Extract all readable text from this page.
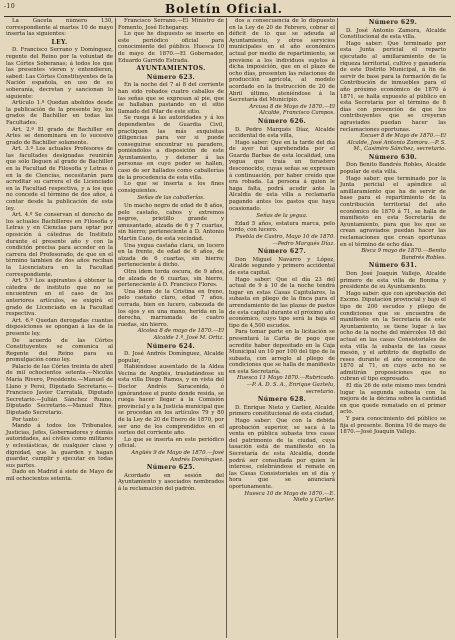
-10	Boletín Oficial.

La Gaceta número 130, correspondiente al martes 10 de mayo inserta las siguientes:

LEY.

D. Francisco Serrano y Domínguez, regente del Reino por la voluntad de las Córtes Soberanas; á todos los que las presentes vieren y entendieren, sabed: Las Córtes Constituyentes de la Nación española, en uso de su soberanía, decretan y sancionan lo siguiente:

Artículo 1.º Quedan abolidos desde la publicación de la presente ley, los grados de Bachiller en todas las Facultades.

Art. 2.º El grado de Bachiller en Artes se denominará en lo sucesivo grado de Bachiller solamente.

Art. 3.º Los actuales Profesores de las facultades designadas reunirán que sólo lleguen al grado de Bachiller en la Facultad de Filosofía y Letras ó en la de Ciencias, necesitarán para acreditar su carrera el de Licenciado en la Facultad respectiva, y a los que no concede el término de dos años, á contar desde la publicación de esta ley.

Art. 4.º Se conservan el derecho de los actuales Bachilleres en Filosofía y Letras y en Ciencias para optar por oposición á cátedras de Instituto durante el presente año y con la condición precisa para acceder en la carrera del Profesorado, de que en el término tambien de dos años reciban la Licenciatura en la Facultad correspondiente.

Art. 5.º Los aspirantes á obtener la cátedra de instituto que no se encuentren en el caso de los anteriores artículos, se exigirá el grado de Licenciado en la Facultad respectiva.

Art. 6.º Quedan derogadas cuantas disposiciones se opongan á las de la presente ley.

De acuerdo de las Córtes Constituyentes se comunica al Regente del Reino para su promulgación como ley.

Palacio de las Córtes treinta de abril de mil ochocientos setenta.—Nicolás María Rivero, Presidente.—Manuel de Llano y Persi, Diputado Secretario.—Francisco Javier Carratalá, Diputado Secretario.—Julián Sánchez Ruano, Diputado Secretario.—Manuel Rius, Diputado Secretario.

Por tanto:

Mando á todos los Tribunales, Justicias, Jefes, Gobernadores y demás autoridades, así civiles como militares y eclesiásticas, de cualquier clase y dignidad, que la guarden y hagan guardar, cumplir y ejecutar en todas sus partes.

Dado en Madrid á siete de Mayo de mil ochocientos setenta.

Francisco Serrano.—El Ministro de Fomento, José Echegaray.

Lo que he dispuesto se inserte en este periódico oficial para conocimiento del público. Huesca 10 de mayo de 1870.—El Gobernador, Eduardo Garrido Estrada.

AYUNTAMIENTOS.
Número 623.

En la noche del 7 al 8 del corriente han sido robados cuatro caballos de las señas que se expresan al pie, que se hallaban pastando en el sitio llamado del Pilar de este sitio.

Se ruega á las autoridades y á los dependientes de Guardia Civil, practiquen las más exquisitas diligencias para ver si puede conseguirse encontrar su paradero, poniéndolos a disposición de este Ayuntamiento, y detener á las personas en cuyo poder se hallen, caso de ser hallados como caballerías de la procedencia de esta villa.

Lo que se inserta a los fines consiguientes.

Señas de las caballerías.

Un macho negro de edad de 8 años, pelo castaño, cabos y extremos negros, prietillo grande y amusantado, alzada de 6 y 7 cuartas, sin hierro; perteneciente á D. Antonio Martín Cano, de esta vecindad.

Una yegua castaña clara, un lucero en la frente, de edad de 6 años, de alzada de 6 cuartas, sin hierro; perteneciente á dicho.

Otra idem torda oscura, de 9 años, de alzada de 6 cuartas, sin hierro, perteneciente á D. Francisco Flores.

Una idem de la Cristina en freno, pelo castaño claro, edad 7 años, cerrada, bien en lucero, cabezada de los ojos y en una mano, herida en la derecha, marramada de cuatro ruedas, sin hierro.

Alcolea 8 de mayo de 1870.—El Alcalde 1.º, José M. Ortiz.

Número 624.

D. José Andrés Domínguez, Alcalde popular,

Habiéndose ausentado de la Aldea Vecina de Angüés, trasladándose su esta villa Diego Ramos, y en vista del Doctor Andrés Saracenida, ó ignórandose el punto donde resida, se ruega hacer llegar á la Comisión provincial y a la Justicia municipal que se procedan en los artículos 79 y 80 de la Ley de 20 de Enero de 1870, por ser uno de los comprendidos en el sorteo del corriente año.

Lo que se inserta en este periódico oficial.

Angüés 9 de Mayo de 1870.—José Andrés Domínguez.

Número 625.

Acordado en sesión del Ayuntamiento y asociados nombrados á la reclamación del padrón.

dos a consecuencia de lo dispuesto en la Ley de 20 de Febrero, cobrar el déficit de lo que se adeuda al Ayuntamiento, y otros servicios municipales en el año económico actual por medio de repartimiento, se previene a los individuos sujetos á dicha imposición, que en el plazo de ocho días, presenten las relaciones de producción agrícola, al modelo acordado en la Instrucción de 20 de Abril último, ateniéndose á la Secretaría del Municipio.

Arcusa 8 de Mayo de 1870.—El Alcalde, Francisco Campos.

Número 626.

D. Pedro Marqués Díaz, Alcalde accidental de esta villa,

Hago saber: Que en la tarde del día de ayer fué aprehendida por el Guarda Barbas de esta localidad, una yegua que traía un forastero desconocido, cuyas señas se expresan á continuación, por haber creído que era robada. La persona á quien le haga falta, podrá acudir ante la Alcaldía de esta villa a reclamarla pagando antes los gastos que haya ocasionado.

Señas de la yegua.

Edad 5 años, estatura marca, pelo tordo, con lucero.

Puebla de Castro, Mayo 10 de 1870.—Pedro Marqués Díaz.

Número 627.

Don Miguel Navarro y López, Alcalde segundo y primero accidental de esta capital.

Hago saber: Que el día 23 del actual de 9 á 10 de la noche tendrá lugar en estas Casas Capitulares, la subasta en pliego de la finca para el arrendamiento de las plazas de pastos de esta capital durante el próximo año económico, cuyo tipo será la baja el tipo de 4,500 escudos.

Para tomar parte en la licitación se presentará la Carta de pago que acredite haber depositado en la Caja Municipal un 10 por 100 del tipo de la subasta, con arreglo al pliego de condiciones que se halla de manifiesto en esta Secretaría.

Huesca 11 Mayo 1870.—Rubricado.—P. A. D. S. A., Enrique Gaztelu, secretario.

Número 628.

D. Enrique Nieto y Carlier, Alcalde primero constitucional de esta ciudad,

Hago saber: Que con la debida aprobación superior, se saca á la venta en pública subasta tres casas del patrimonio de la ciudad, cuya tasación está de manifiesto en la Secretaría de esta Alcaldía, donde podrá ser consultada por quien le interese, celebrándose el remate en las Casas Consistoriales en el día y hora que se anunciará oportunamente.

Huesca 10 de Mayo de 1870.—E. Nieto y Carlier.

Número 629.

D. José Antonio Zamora, Alcalde Constitucional de esta villa.

Hago saber: Que terminado por esta Junta pericial el reparto ejecutado al amillaramiento de la riqueza territorial, cultivo y ganadería de este Distrito Municipal, á fin de servir de base para la formación de la Contribución de inmuebles para el año próximo económico de 1870 á 1871, se halla expuesto al público en esta Secretaría por el término de 8 días con prevención de que los contribuyentes que se creyeran agraviados puedan hacer las reclamaciones oportunas.

Escuer 8 de Mayo de 1870.—El Alcalde, José Antonio Zamora.—P. S. M., Casimiro Sánchez, secretario.

Número 630.

Don Benito Bandrés Robles, Alcalde popular de esta villa.

Hago saber: que terminado por la Junta pericial el apéndice al amillaramiento que ha de servir de base para el repartimiento de la contribución territorial del año económico de 1870 á 71, se halla de manifiesto en esta Secretaría de Ayuntamiento, para que los que se crean agraviados puedan hacer las reclamaciones que crean oportunas en el término de ocho días.

Bisca 9 mayo de 1870.—Benito Bandrés Robles.

Número 631.

Don José Joaquín Vallejo, Alcalde primero de esta villa de Bonina y presidente de su Ayuntamiento.

Hago saber: que con aprobación del Excmo. Diputación provincial y bajo el tipo de 200 escudos y pliego de condiciones que se encuentra de manifiesto en la Secretaría de este Ayuntamiento, se tiene lugar á las ocho de la noche del miércoles 18 del actual en las casas Consistoriales de esta villa la subasta de las casas mesón, y el arbitrio de degüello de reses durante el año económico de 1870 al 71, en cuyo acto no se admitirán proposiciones que no cubran el tipo expresado.

El día 26 de este mismo mes tendrá lugar la segunda subasta con la mejora de la décima sobre la cantidad en que quede rematado en el primer acto.

Y para conocimiento del público se fija el presente. Bonina 10 de mayo de 1870.—José Joaquín Vallejo.
